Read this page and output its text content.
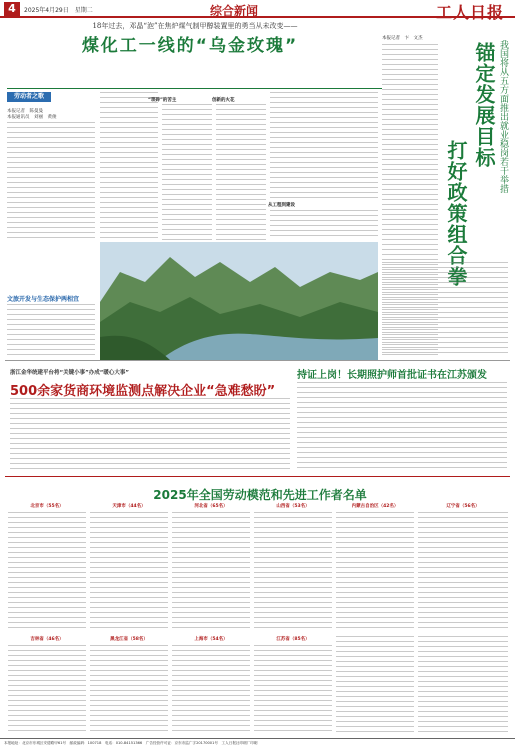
4	2025年4月29日　星期二	综合新闻	工人日报
18年过去，邓晶“泡”在焦炉煤气制甲醇装置里的勇当从未改变——
煤化工一线的“乌金玫瑰”
劳动者之歌
本报记者　陈曼曼
本报通讯员　刘丽　黄俊
“琐碎”的苦主	创新的火花
从工程到建设
文旅开发与生态保护两相宜
本报记者　卞　文杰
锚定发展目标
打好政策组合拳
我国将从五方面推出就业稳岗若干举措
浙江金华统建平台将“关键小事”办成“暖心大事”
500余家货商环境监测点解决企业“急难愁盼”
持证上岗！长期照护师首批证书在江苏颁发
2025年全国劳动模范和先进工作者名单
北京市（55名）	天津市（44名）	河北省（65名）	山西省（53名）	内蒙古自治区（42名）	辽宁省（56名）
吉林省（46名）	黑龙江省（58名）	上海市（54名）	江苏省（85名）
本报地址：北京市东城区安德路甲61号　邮政编码：100718　电话：010-84151366　广告经营许可证：京东市监广字20170001号　工人日报社印刷厂印刷
